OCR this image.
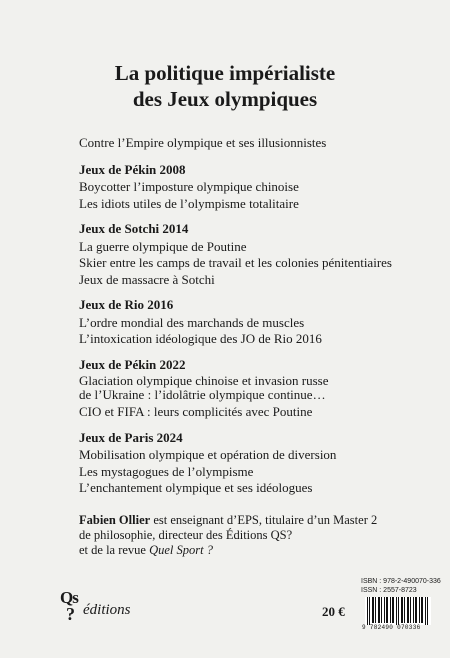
La politique impérialiste
des Jeux olympiques

Contre l’Empire olympique et ses illusionnistes

Jeux de Pékin 2008

Boycotter l’imposture olympique chinoise

Les idiots utiles de l’olympisme totalitaire

Jeux de Sotchi 2014

La guerre olympique de Poutine

Skier entre les camps de travail et les colonies pénitentiaires

Jeux de massacre à Sotchi

Jeux de Rio 2016

L’ordre mondial des marchands de muscles

L’intoxication idéologique des JO de Rio 2016

Jeux de Pékin 2022

Glaciation olympique chinoise et invasion russe
de l’Ukraine : l’idolâtrie olympique continue…

CIO et FIFA : leurs complicités avec Poutine

Jeux de Paris 2024

Mobilisation olympique et opération de diversion

Les mystagogues de l’olympisme

L’enchantement olympique et ses idéologues

Fabien Ollier est enseignant d’EPS, titulaire d’un Master 2
de philosophie, directeur des Éditions QS?
et de la revue Quel Sport ?

Qs
? éditions
ISBN : 978-2-490070-336
ISSN : 2557-8723
20 €
9 782490 070336
